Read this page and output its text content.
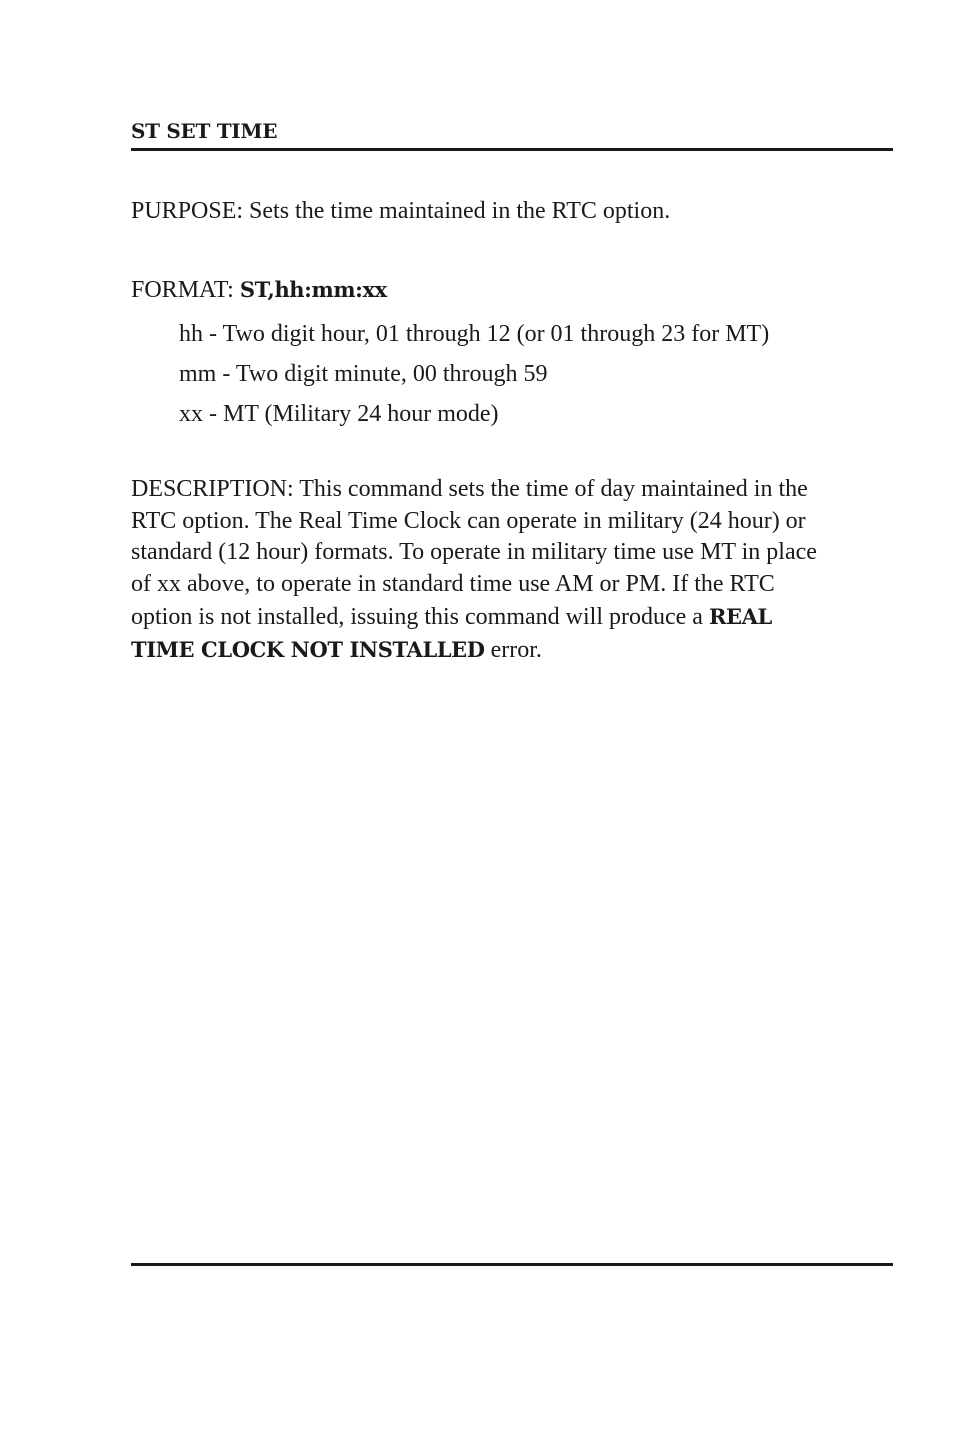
ST SET TIME
PURPOSE: Sets the time maintained in the RTC option.
FORMAT: ST,hh:mm:xx
hh - Two digit hour, 01 through 12 (or 01 through 23 for MT)
mm - Two digit minute, 00 through 59
xx - MT (Military 24 hour mode)
DESCRIPTION: This command sets the time of day maintained in the
RTC option. The Real Time Clock can operate in military (24 hour) or
standard (12 hour) formats. To operate in military time use MT in place
of xx above, to operate in standard time use AM or PM. If the RTC
option is not installed, issuing this command will produce a REAL
TIME CLOCK NOT INSTALLED error.
